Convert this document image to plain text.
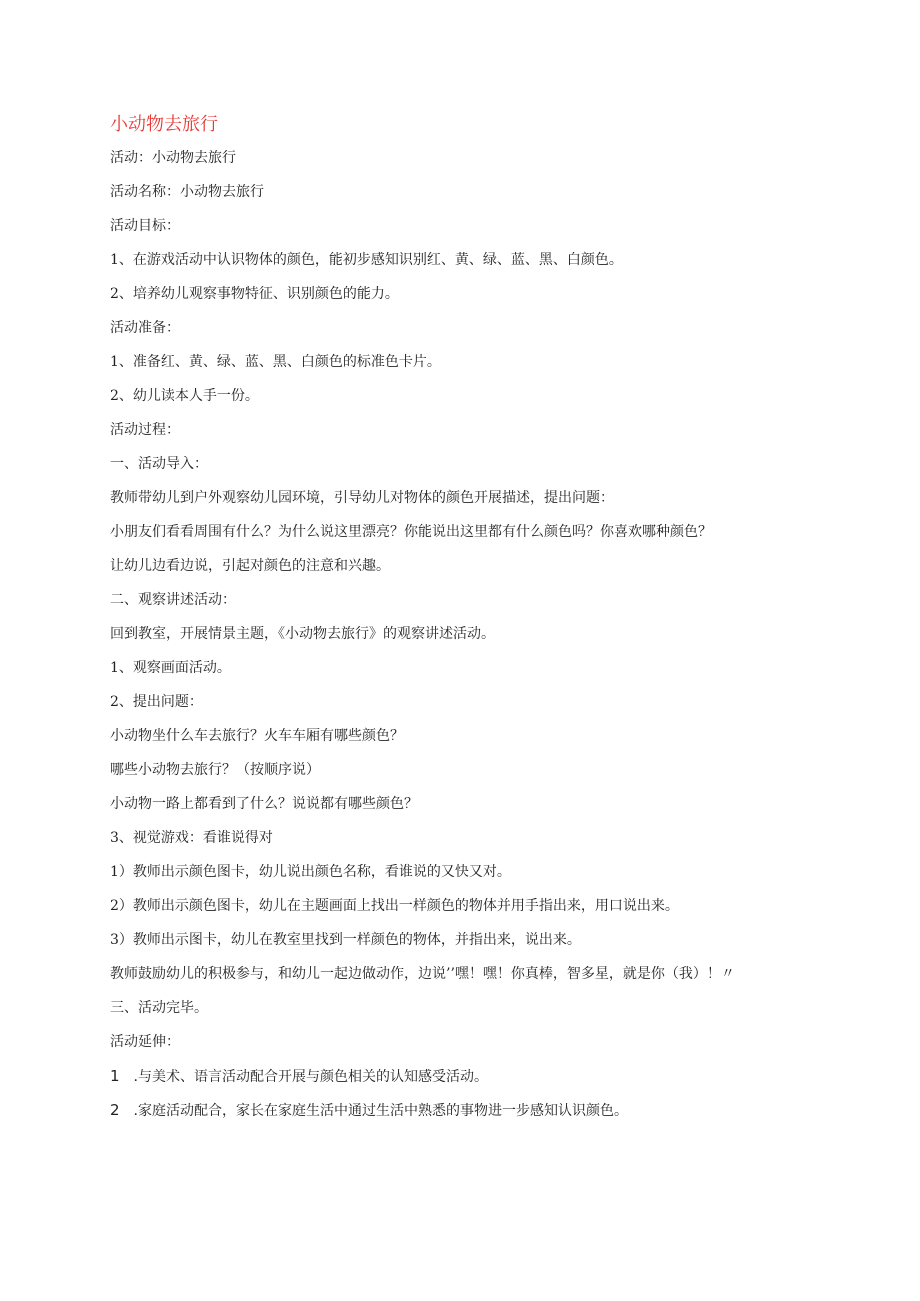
小动物去旅行
活动：小动物去旅行
活动名称：小动物去旅行
活动目标：
1、在游戏活动中认识物体的颜色，能初步感知识别红、黄、绿、蓝、黑、白颜色。
2、培养幼儿观察事物特征、识别颜色的能力。
活动准备：
1、准备红、黄、绿、蓝、黑、白颜色的标准色卡片。
2、幼儿读本人手一份。
活动过程：
一、活动导入：
教师带幼儿到户外观察幼儿园环境，引导幼儿对物体的颜色开展描述，提出问题：
小朋友们看看周围有什么？为什么说这里漂亮？你能说出这里都有什么颜色吗？你喜欢哪种颜色？
让幼儿边看边说，引起对颜色的注意和兴趣。
二、观察讲述活动：
回到教室，开展情景主题，《小动物去旅行》的观察讲述活动。
1、观察画面活动。
2、提出问题：
小动物坐什么车去旅行？火车车厢有哪些颜色？
哪些小动物去旅行？（按顺序说）
小动物一路上都看到了什么？说说都有哪些颜色？
3、视觉游戏：看谁说得对
1）教师出示颜色图卡，幼儿说出颜色名称，看谁说的又快又对。
2）教师出示颜色图卡，幼儿在主题画面上找出一样颜色的物体并用手指出来，用口说出来。
3）教师出示图卡，幼儿在教室里找到一样颜色的物体，并指出来，说出来。
教师鼓励幼儿的积极参与，和幼儿一起边做动作，边说’’嘿！嘿！你真棒，智多星，就是你（我）！〃
三、活动完毕。
活动延伸：
1 .与美术、语言活动配合开展与颜色相关的认知感受活动。
2 .家庭活动配合，家长在家庭生活中通过生活中熟悉的事物进一步感知认识颜色。
